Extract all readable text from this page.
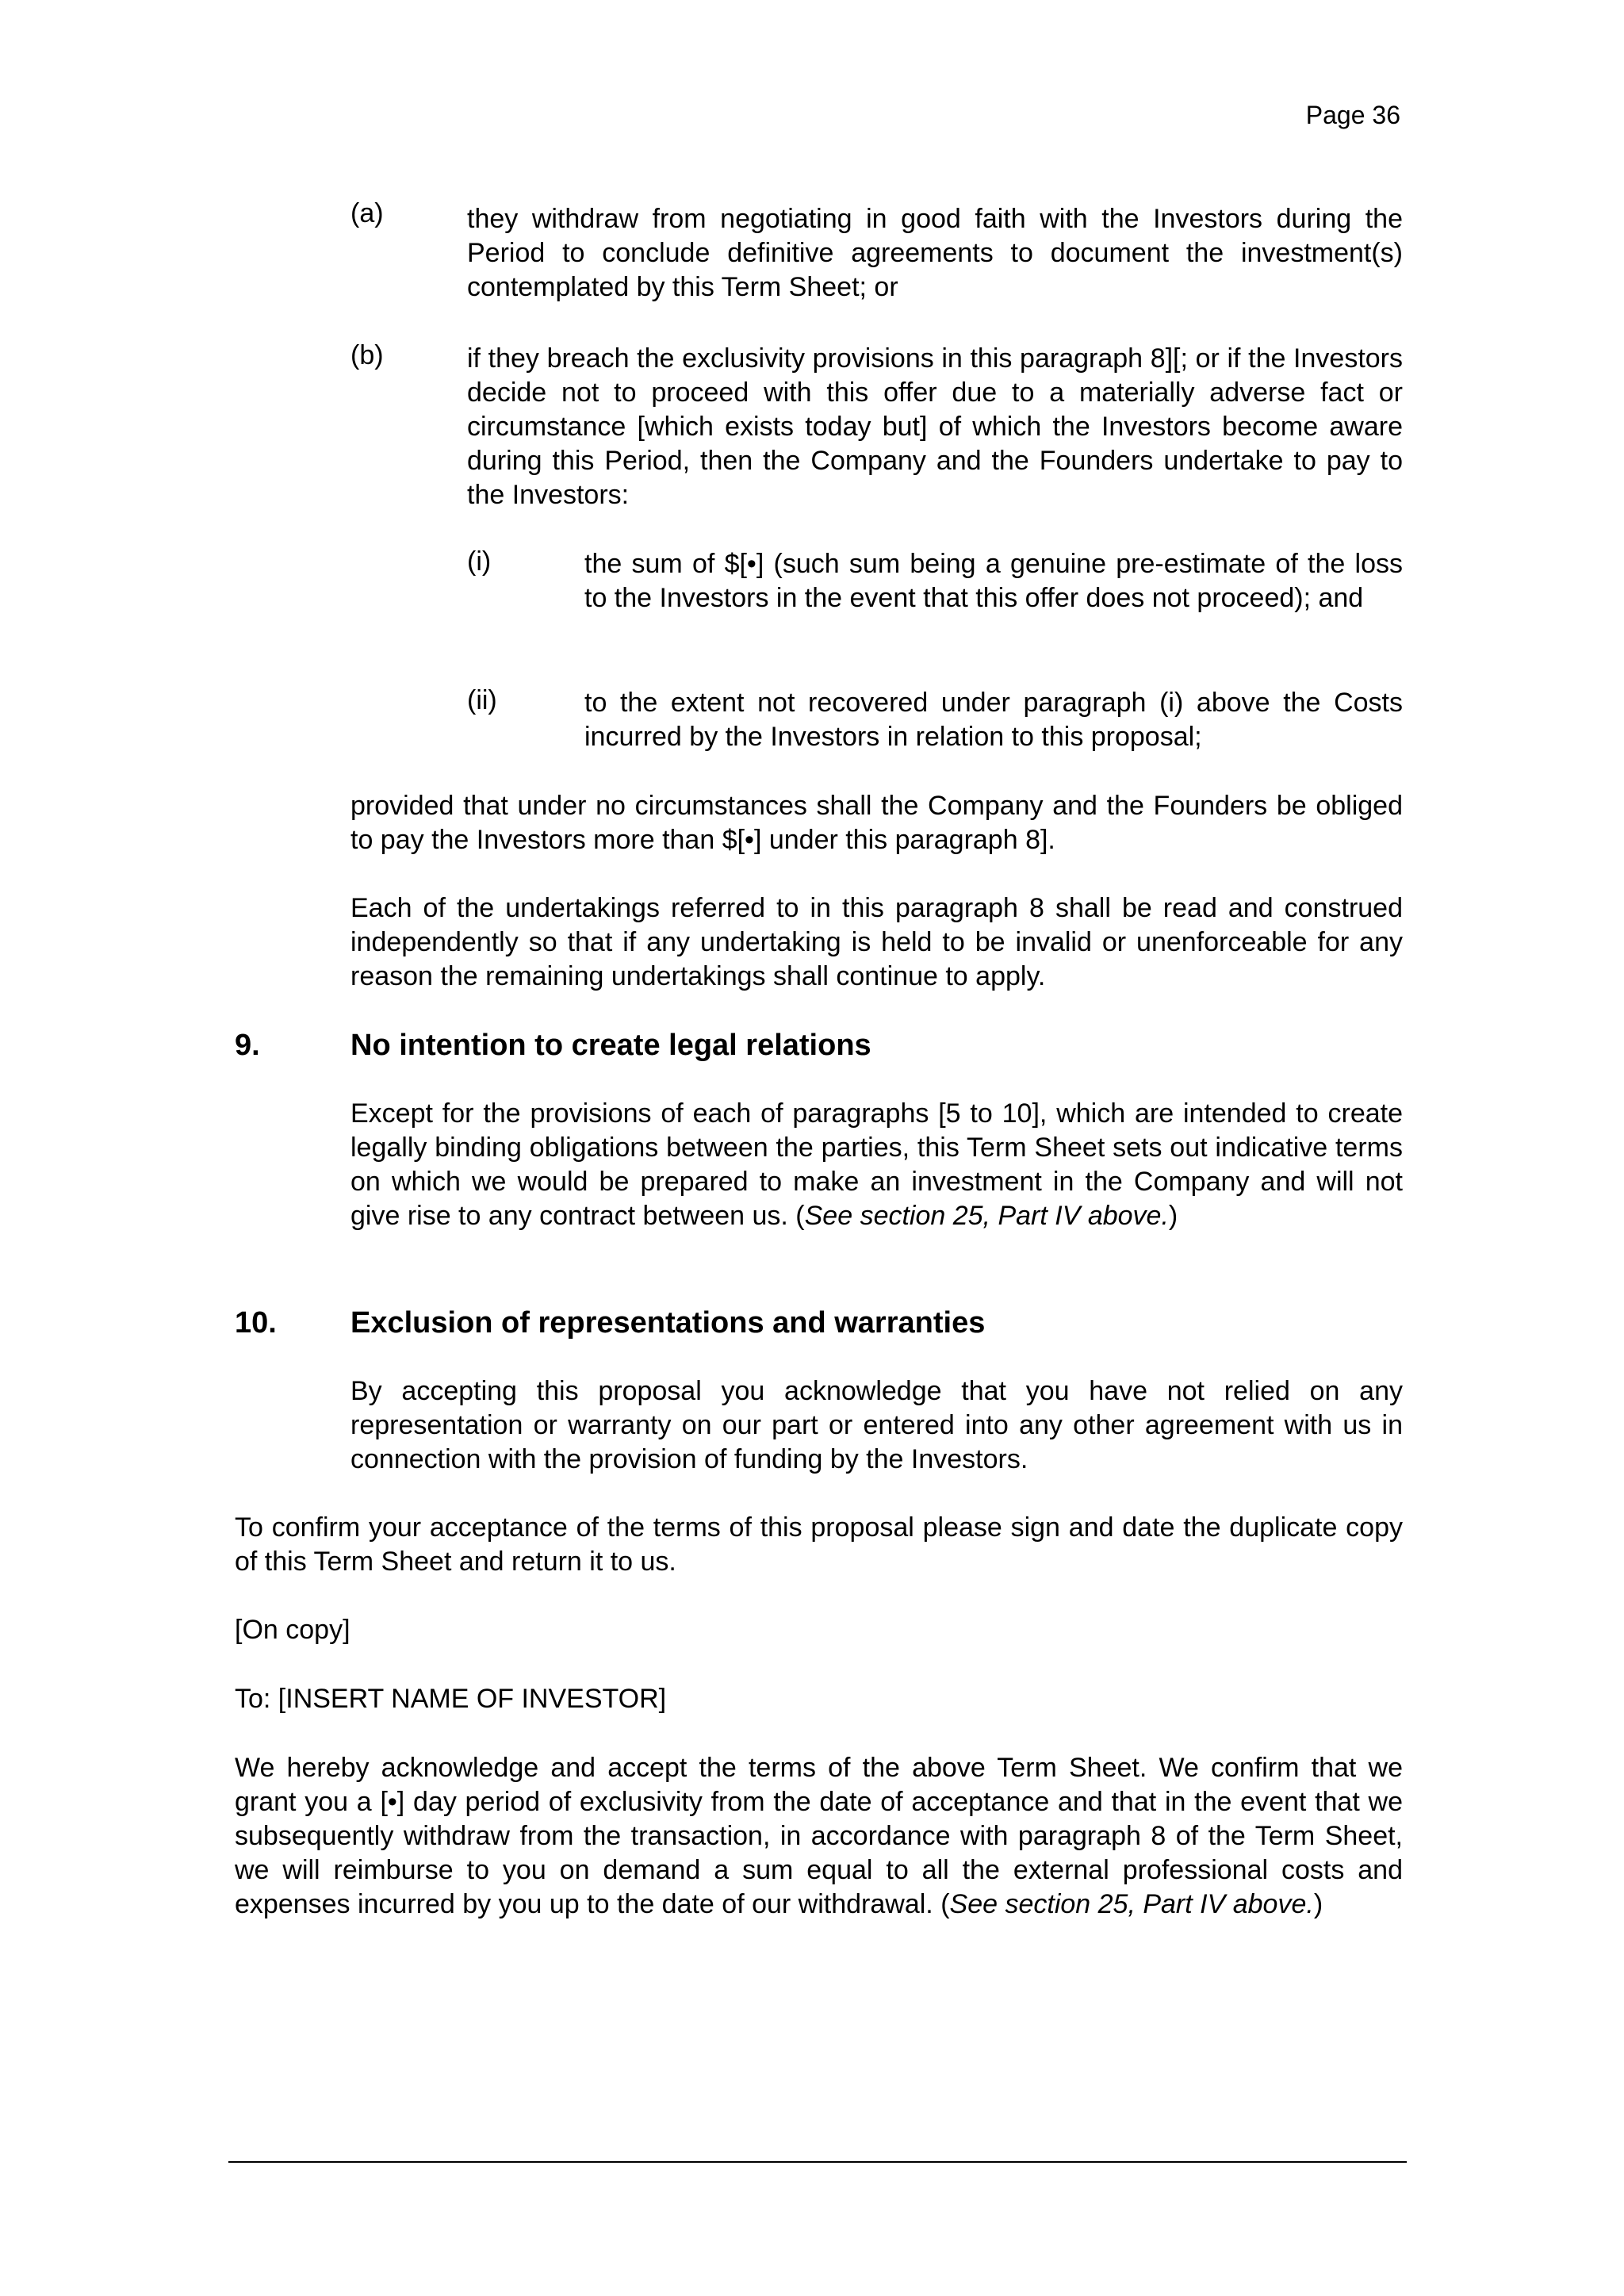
Page 36
(a)	they withdraw from negotiating in good faith with the Investors during the Period to conclude definitive agreements to document the investment(s) contemplated by this Term Sheet; or

(b)	if they breach the exclusivity provisions in this paragraph 8][; or if the Investors decide not to proceed with this offer due to a materially adverse fact or circumstance [which exists today but] of which the Investors become aware during this Period, then the Company and the Founders undertake to pay to the Investors:

(i)	the sum of $[•] (such sum being a genuine pre-estimate of the loss to the Investors in the event that this offer does not proceed); and

(ii)	to the extent not recovered under paragraph (i) above the Costs incurred by the Investors in relation to this proposal;

provided that under no circumstances shall the Company and the Founders be obliged to pay the Investors more than $[•] under this paragraph 8].

Each of the undertakings referred to in this paragraph 8 shall be read and construed independently so that if any undertaking is held to be invalid or unenforceable for any reason the remaining undertakings shall continue to apply.

9.	No intention to create legal relations

Except for the provisions of each of paragraphs [5 to 10], which are intended to create legally binding obligations between the parties, this Term Sheet sets out indicative terms on which we would be prepared to make an investment in the Company and will not give rise to any contract between us. (See section 25, Part IV above.)

10. Exclusion of representations and warranties

By accepting this proposal you acknowledge that you have not relied on any representation or warranty on our part or entered into any other agreement with us in connection with the provision of funding by the Investors.

To confirm your acceptance of the terms of this proposal please sign and date the duplicate copy of this Term Sheet and return it to us.

[On copy]

To: [INSERT NAME OF INVESTOR]

We hereby acknowledge and accept the terms of the above Term Sheet. We confirm that we grant you a [•] day period of exclusivity from the date of acceptance and that in the event that we subsequently withdraw from the transaction, in accordance with paragraph 8 of the Term Sheet, we will reimburse to you on demand a sum equal to all the external professional costs and expenses incurred by you up to the date of our withdrawal. (See section 25, Part IV above.)
